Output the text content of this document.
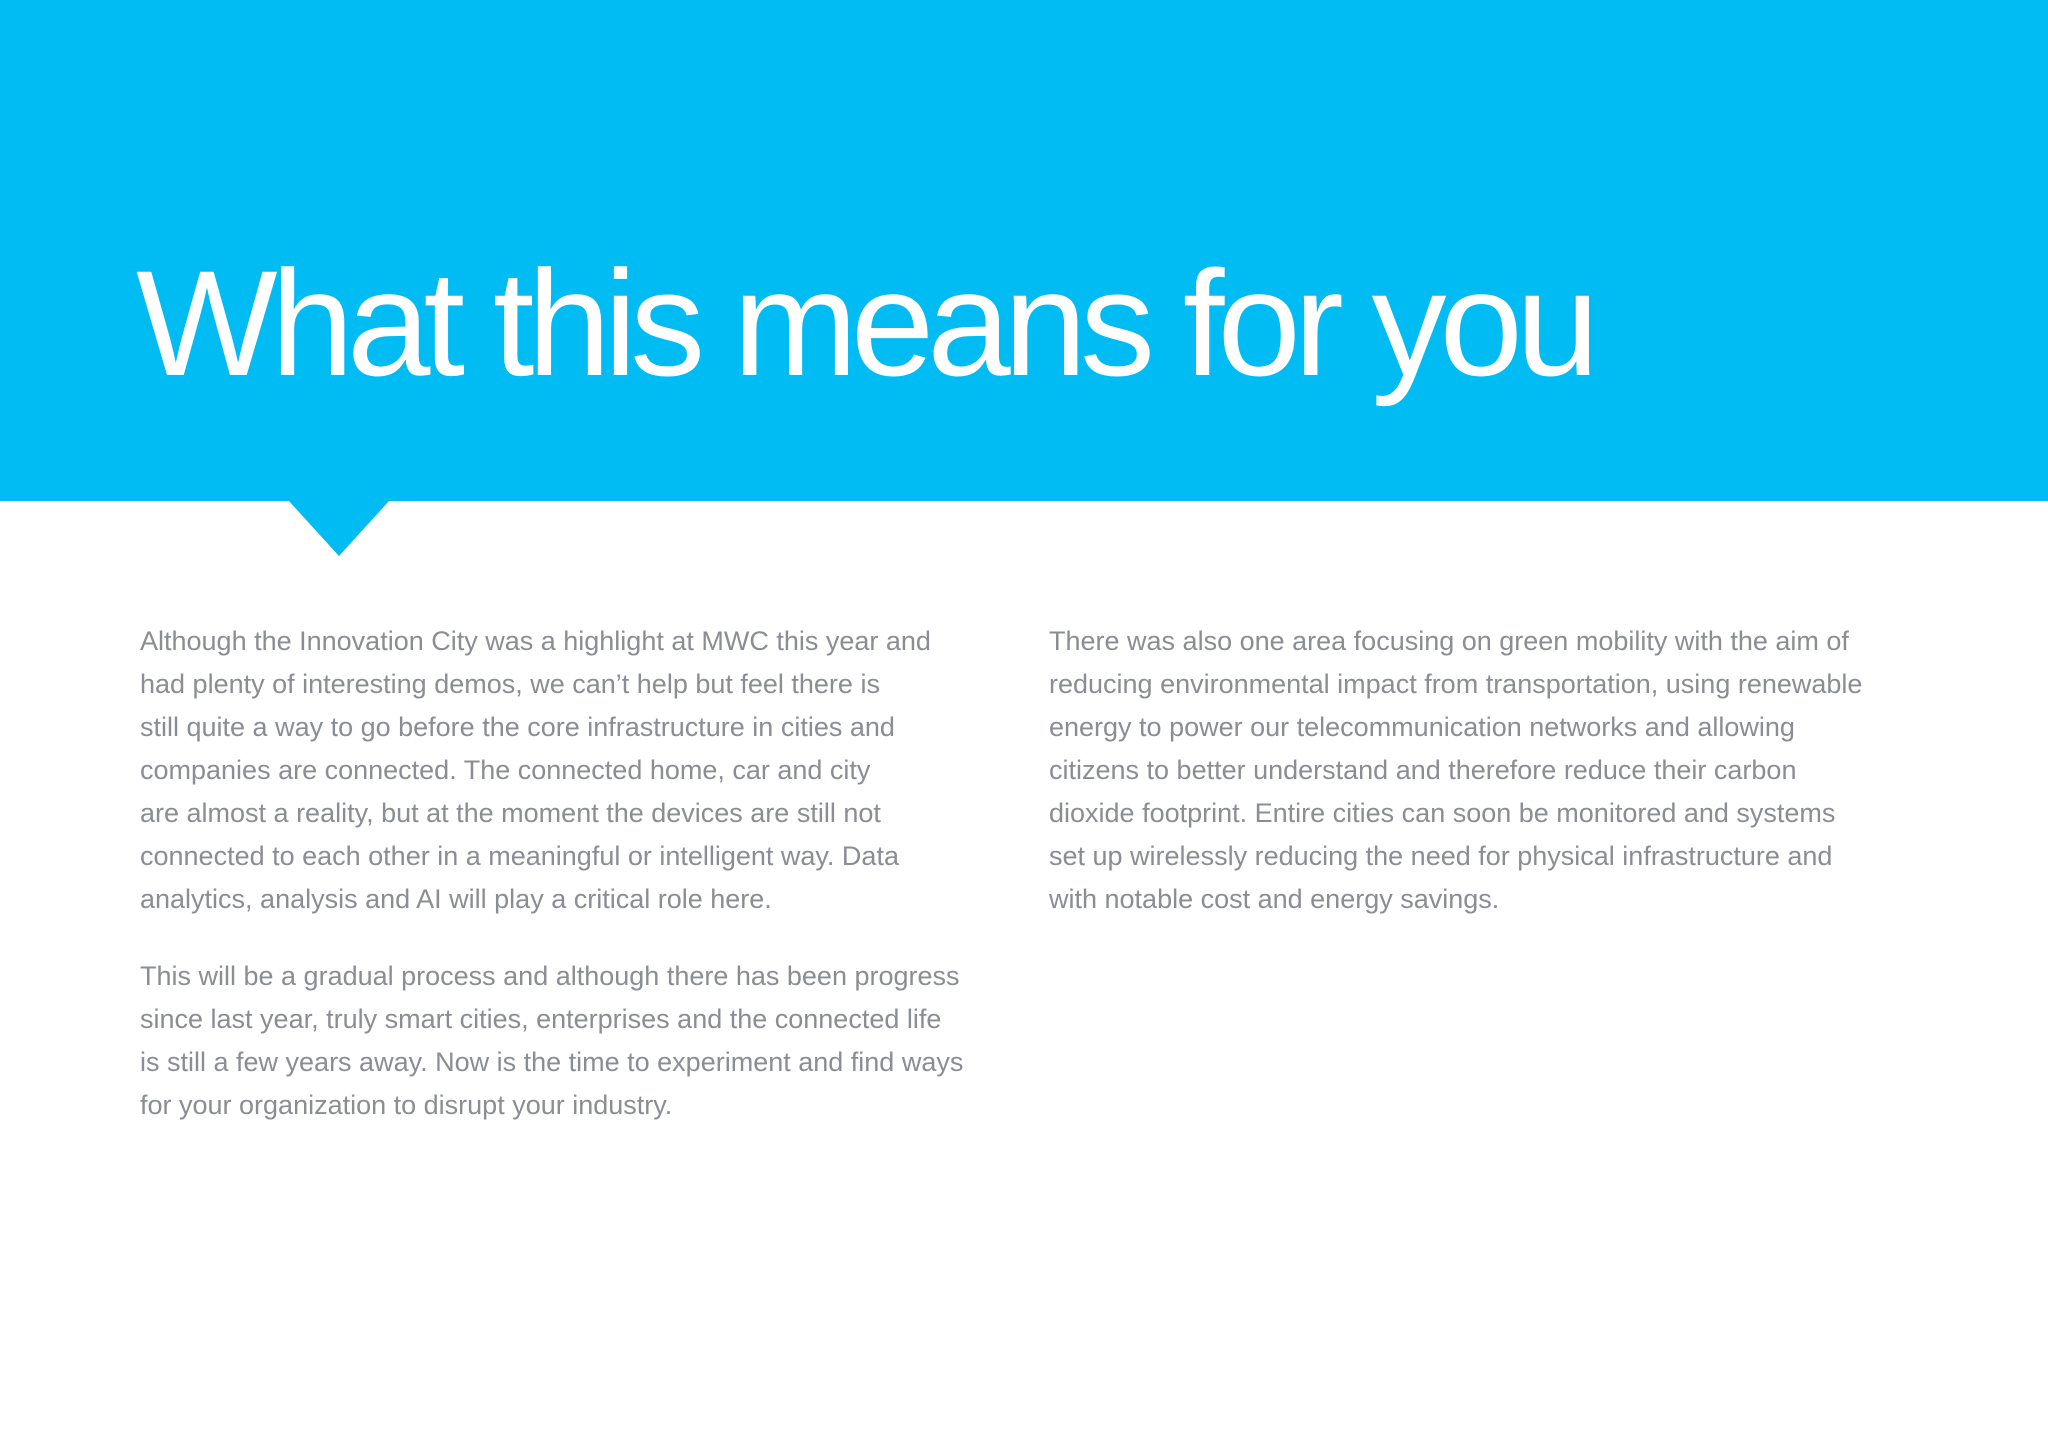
What this means for you

Although the Innovation City was a highlight at MWC this year and
had plenty of interesting demos, we can’t help but feel there is
still quite a way to go before the core infrastructure in cities and
companies are connected. The connected home, car and city
are almost a reality, but at the moment the devices are still not
connected to each other in a meaningful or intelligent way. Data
analytics, analysis and AI will play a critical role here.

This will be a gradual process and although there has been progress
since last year, truly smart cities, enterprises and the connected life
is still a few years away. Now is the time to experiment and find ways
for your organization to disrupt your industry.

There was also one area focusing on green mobility with the aim of
reducing environmental impact from transportation, using renewable
energy to power our telecommunication networks and allowing
citizens to better understand and therefore reduce their carbon
dioxide footprint. Entire cities can soon be monitored and systems
set up wirelessly reducing the need for physical infrastructure and
with notable cost and energy savings.
